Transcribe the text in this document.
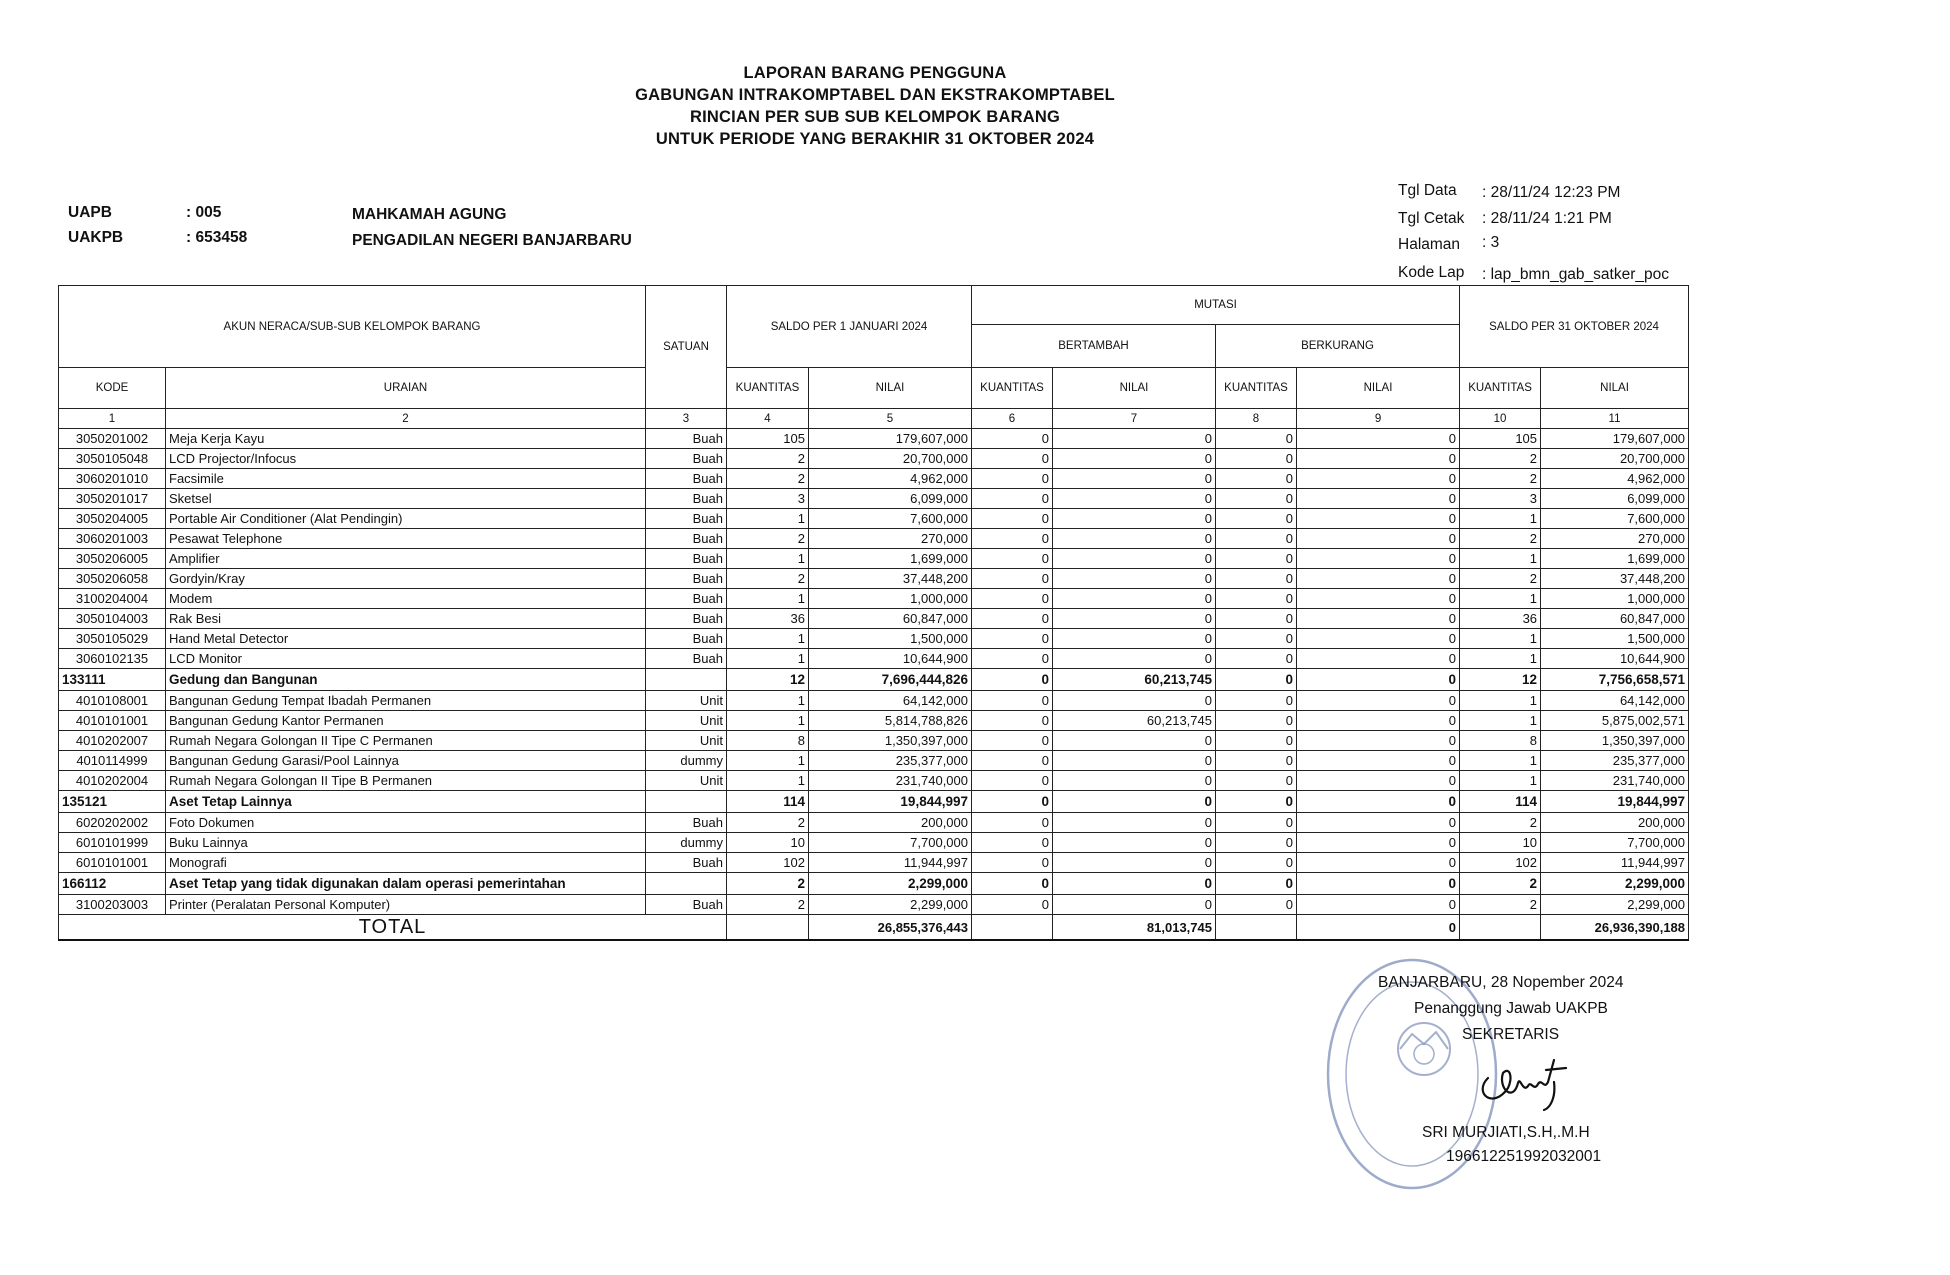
LAPORAN BARANG PENGGUNA
GABUNGAN INTRAKOMPTABEL DAN EKSTRAKOMPTABEL
RINCIAN PER SUB SUB KELOMPOK BARANG
UNTUK PERIODE YANG BERAKHIR 31 OKTOBER 2024
UAPB	: 005	MAHKAMAH AGUNG
UAKPB	: 653458	PENGADILAN NEGERI BANJARBARU
Tgl Data : 28/11/24 12:23 PM
Tgl Cetak : 28/11/24 1:21 PM
Halaman : 3
Kode Lap : lap_bmn_gab_satker_poc
AKUN NERACA/SUB-SUB KELOMPOK BARANG		SATUAN	SALDO PER 1 JANUARI 2024		MUTASI				SALDO PER 31 OKTOBER 2024	
					BERTAMBAH		BERKURANG			
KODE	URAIAN		KUANTITAS	NILAI	KUANTITAS	NILAI	KUANTITAS	NILAI	KUANTITAS	NILAI
1	2	3	4	5	6	7	8	9	10	11
3050201002	Meja Kerja Kayu	Buah	105	179,607,000	0	0	0	0	105	179,607,000
3050105048	LCD Projector/Infocus	Buah	2	20,700,000	0	0	0	0	2	20,700,000
3060201010	Facsimile	Buah	2	4,962,000	0	0	0	0	2	4,962,000
3050201017	Sketsel	Buah	3	6,099,000	0	0	0	0	3	6,099,000
3050204005	Portable Air Conditioner (Alat Pendingin)	Buah	1	7,600,000	0	0	0	0	1	7,600,000
3060201003	Pesawat Telephone	Buah	2	270,000	0	0	0	0	2	270,000
3050206005	Amplifier	Buah	1	1,699,000	0	0	0	0	1	1,699,000
3050206058	Gordyin/Kray	Buah	2	37,448,200	0	0	0	0	2	37,448,200
3100204004	Modem	Buah	1	1,000,000	0	0	0	0	1	1,000,000
3050104003	Rak Besi	Buah	36	60,847,000	0	0	0	0	36	60,847,000
3050105029	Hand Metal Detector	Buah	1	1,500,000	0	0	0	0	1	1,500,000
3060102135	LCD Monitor	Buah	1	10,644,900	0	0	0	0	1	10,644,900
133111	Gedung dan Bangunan		12	7,696,444,826	0	60,213,745	0	0	12	7,756,658,571
4010108001	Bangunan Gedung Tempat Ibadah Permanen	Unit	1	64,142,000	0	0	0	0	1	64,142,000
4010101001	Bangunan Gedung Kantor Permanen	Unit	1	5,814,788,826	0	60,213,745	0	0	1	5,875,002,571
4010202007	Rumah Negara Golongan II Tipe C Permanen	Unit	8	1,350,397,000	0	0	0	0	8	1,350,397,000
4010114999	Bangunan Gedung Garasi/Pool Lainnya	dummy	1	235,377,000	0	0	0	0	1	235,377,000
4010202004	Rumah Negara Golongan II Tipe B Permanen	Unit	1	231,740,000	0	0	0	0	1	231,740,000
135121	Aset Tetap Lainnya		114	19,844,997	0	0	0	0	114	19,844,997
6020202002	Foto Dokumen	Buah	2	200,000	0	0	0	0	2	200,000
6010101999	Buku Lainnya	dummy	10	7,700,000	0	0	0	0	10	7,700,000
6010101001	Monografi	Buah	102	11,944,997	0	0	0	0	102	11,944,997
166112	Aset Tetap yang tidak digunakan dalam operasi pemerintahan		2	2,299,000	0	0	0	0	2	2,299,000
3100203003	Printer (Peralatan Personal Komputer)	Buah	2	2,299,000	0	0	0	0	2	2,299,000
TOTAL				26,855,376,443		81,013,745		0		26,936,390,188
BANJARBARU, 28 Nopember 2024
Penanggung Jawab UAKPB
SEKRETARIS
SRI MURJIATI,S.H,.M.H
196612251992032001
